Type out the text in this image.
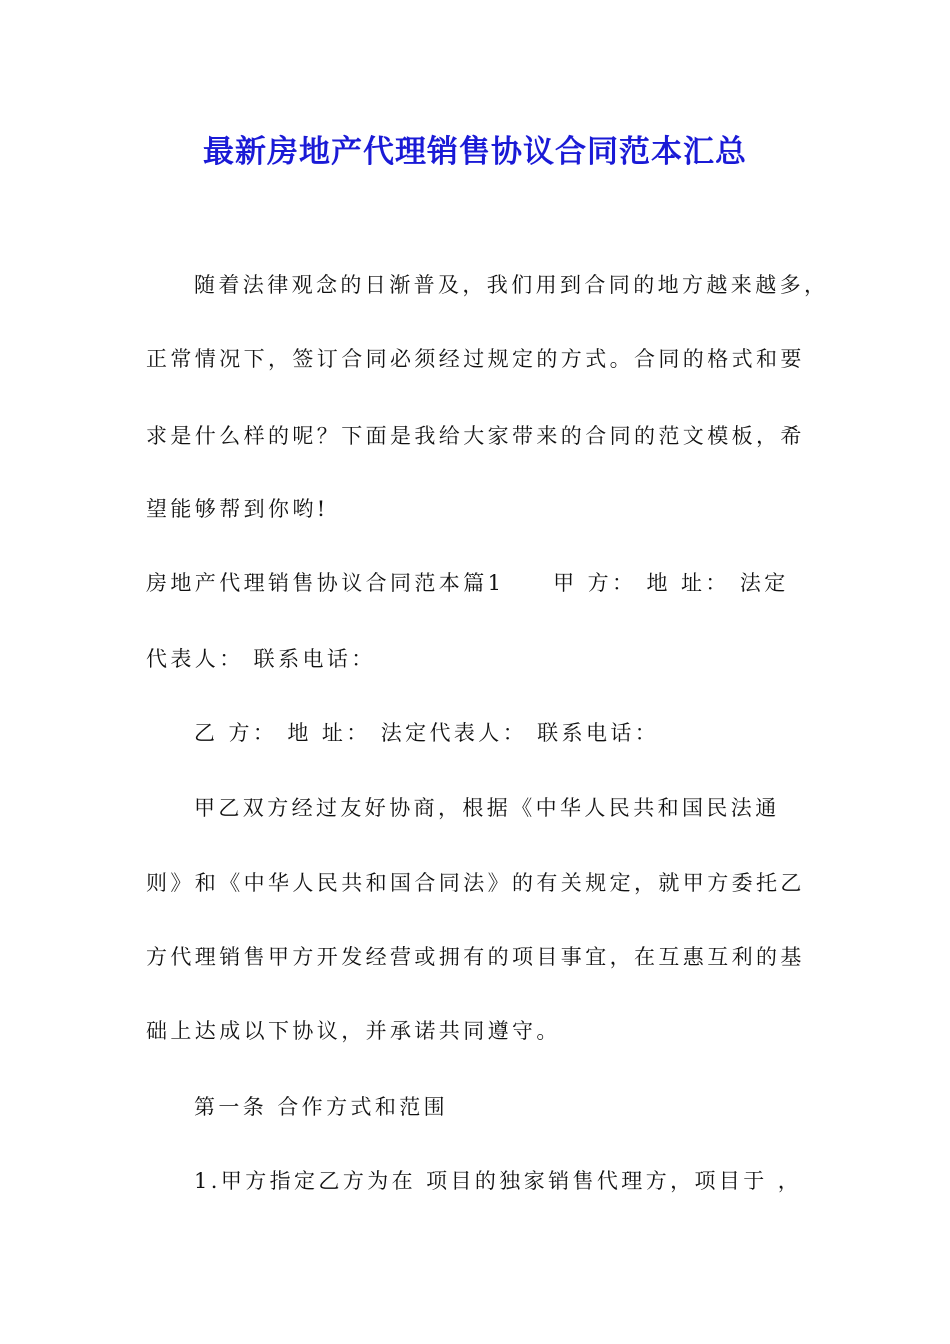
最新房地产代理销售协议合同范本汇总
随着法律观念的日渐普及，我们用到合同的地方越来越多，
正常情况下，签订合同必须经过规定的方式。合同的格式和要
求是什么样的呢？下面是我给大家带来的合同的范文模板，希
望能够帮到你哟!
房地产代理销售协议合同范本篇1　　甲 方： 地 址： 法定
代表人： 联系电话：
乙 方： 地 址： 法定代表人： 联系电话：
甲乙双方经过友好协商，根据《中华人民共和国民法通
则》和《中华人民共和国合同法》的有关规定，就甲方委托乙
方代理销售甲方开发经营或拥有的项目事宜，在互惠互利的基
础上达成以下协议，并承诺共同遵守。
第一条 合作方式和范围
1.甲方指定乙方为在 项目的独家销售代理方，项目于 ，
